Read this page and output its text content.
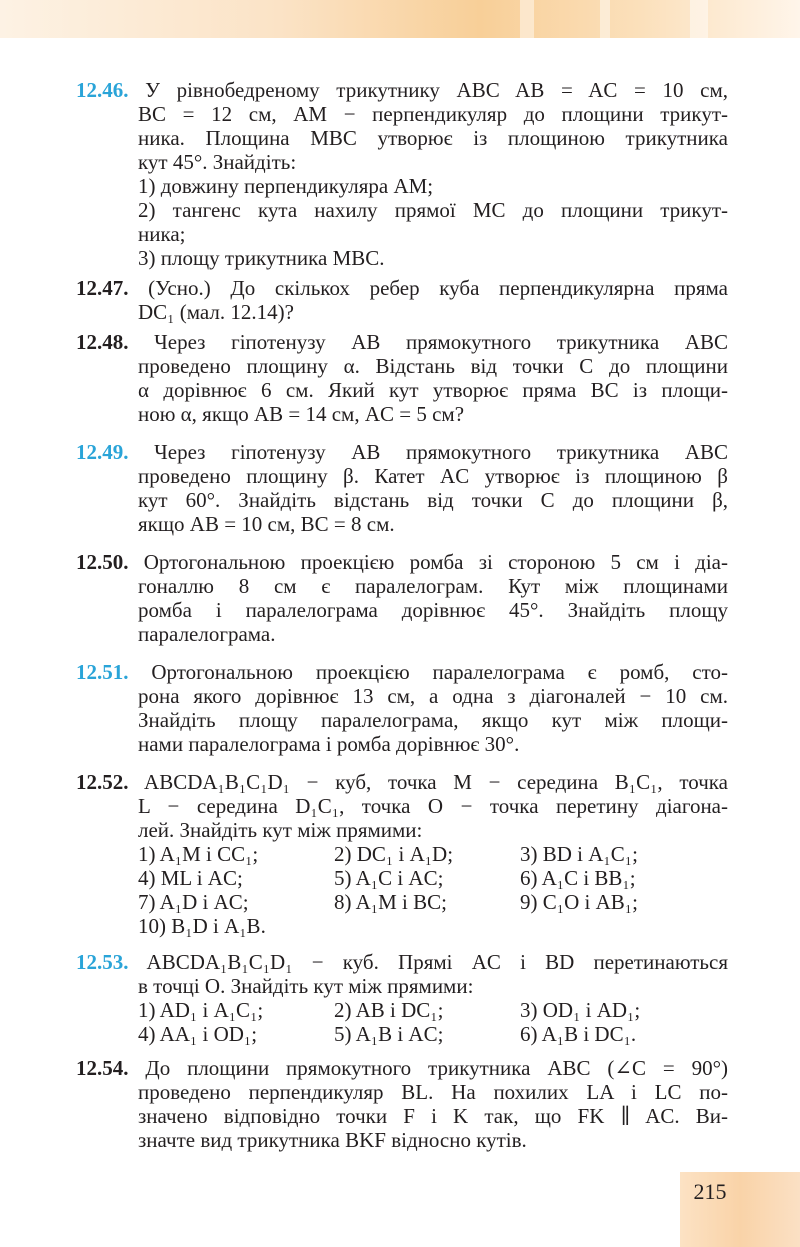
12.46. У рівнобедреному трикутнику ABC AB = AC = 10 см,
BC = 12 см, AM − перпендикуляр до площини трикут-
ника. Площина MBC утворює із площиною трикутника
кут 45°. Знайдіть:
1) довжину перпендикуляра AM;
2) тангенс кута нахилу прямої MC до площини трикут-
ника;
3) площу трикутника MBC.
12.47. (Усно.) До скількох ребер куба перпендикулярна пряма
DC₁ (мал. 12.14)?
12.48. Через гіпотенузу AB прямокутного трикутника ABC
проведено площину α. Відстань від точки C до площини
α дорівнює 6 см. Який кут утворює пряма BC із площи-
ною α, якщо AB = 14 см, AC = 5 см?
12.49. Через гіпотенузу AB прямокутного трикутника ABC
проведено площину β. Катет AC утворює із площиною β
кут 60°. Знайдіть відстань від точки C до площини β,
якщо AB = 10 см, BC = 8 см.
12.50. Ортогональною проекцією ромба зі стороною 5 см і діа-
гоналлю 8 см є паралелограм. Кут між площинами
ромба і паралелограма дорівнює 45°. Знайдіть площу
паралелограма.
12.51. Ортогональною проекцією паралелограма є ромб, сто-
рона якого дорівнює 13 см, а одна з діагоналей − 10 см.
Знайдіть площу паралелограма, якщо кут між площи-
нами паралелограма і ромба дорівнює 30°.
12.52. ABCDA₁B₁C₁D₁ − куб, точка M − середина B₁C₁, точка
L − середина D₁C₁, точка O − точка перетину діагона-
лей. Знайдіть кут між прямими:
1) A₁M і CC₁;	2) DC₁ і A₁D;	3) BD і A₁C₁;
4) ML і AC;	5) A₁C і AC;	6) A₁C і BB₁;
7) A₁D і AC;	8) A₁M і BC;	9) C₁O і AB₁;
10) B₁D і A₁B.
12.53. ABCDA₁B₁C₁D₁ − куб. Прямі AC і BD перетинаються
в точці O. Знайдіть кут між прямими:
1) AD₁ і A₁C₁;	2) AB і DC₁;	3) OD₁ і AD₁;
4) AA₁ і OD₁;	5) A₁B і AC;	6) A₁B і DC₁.
12.54. До площини прямокутного трикутника ABC (∠C = 90°)
проведено перпендикуляр BL. На похилих LA і LC по-
значено відповідно точки F і K так, що FK ∥ AC. Ви-
значте вид трикутника BKF відносно кутів.
215
